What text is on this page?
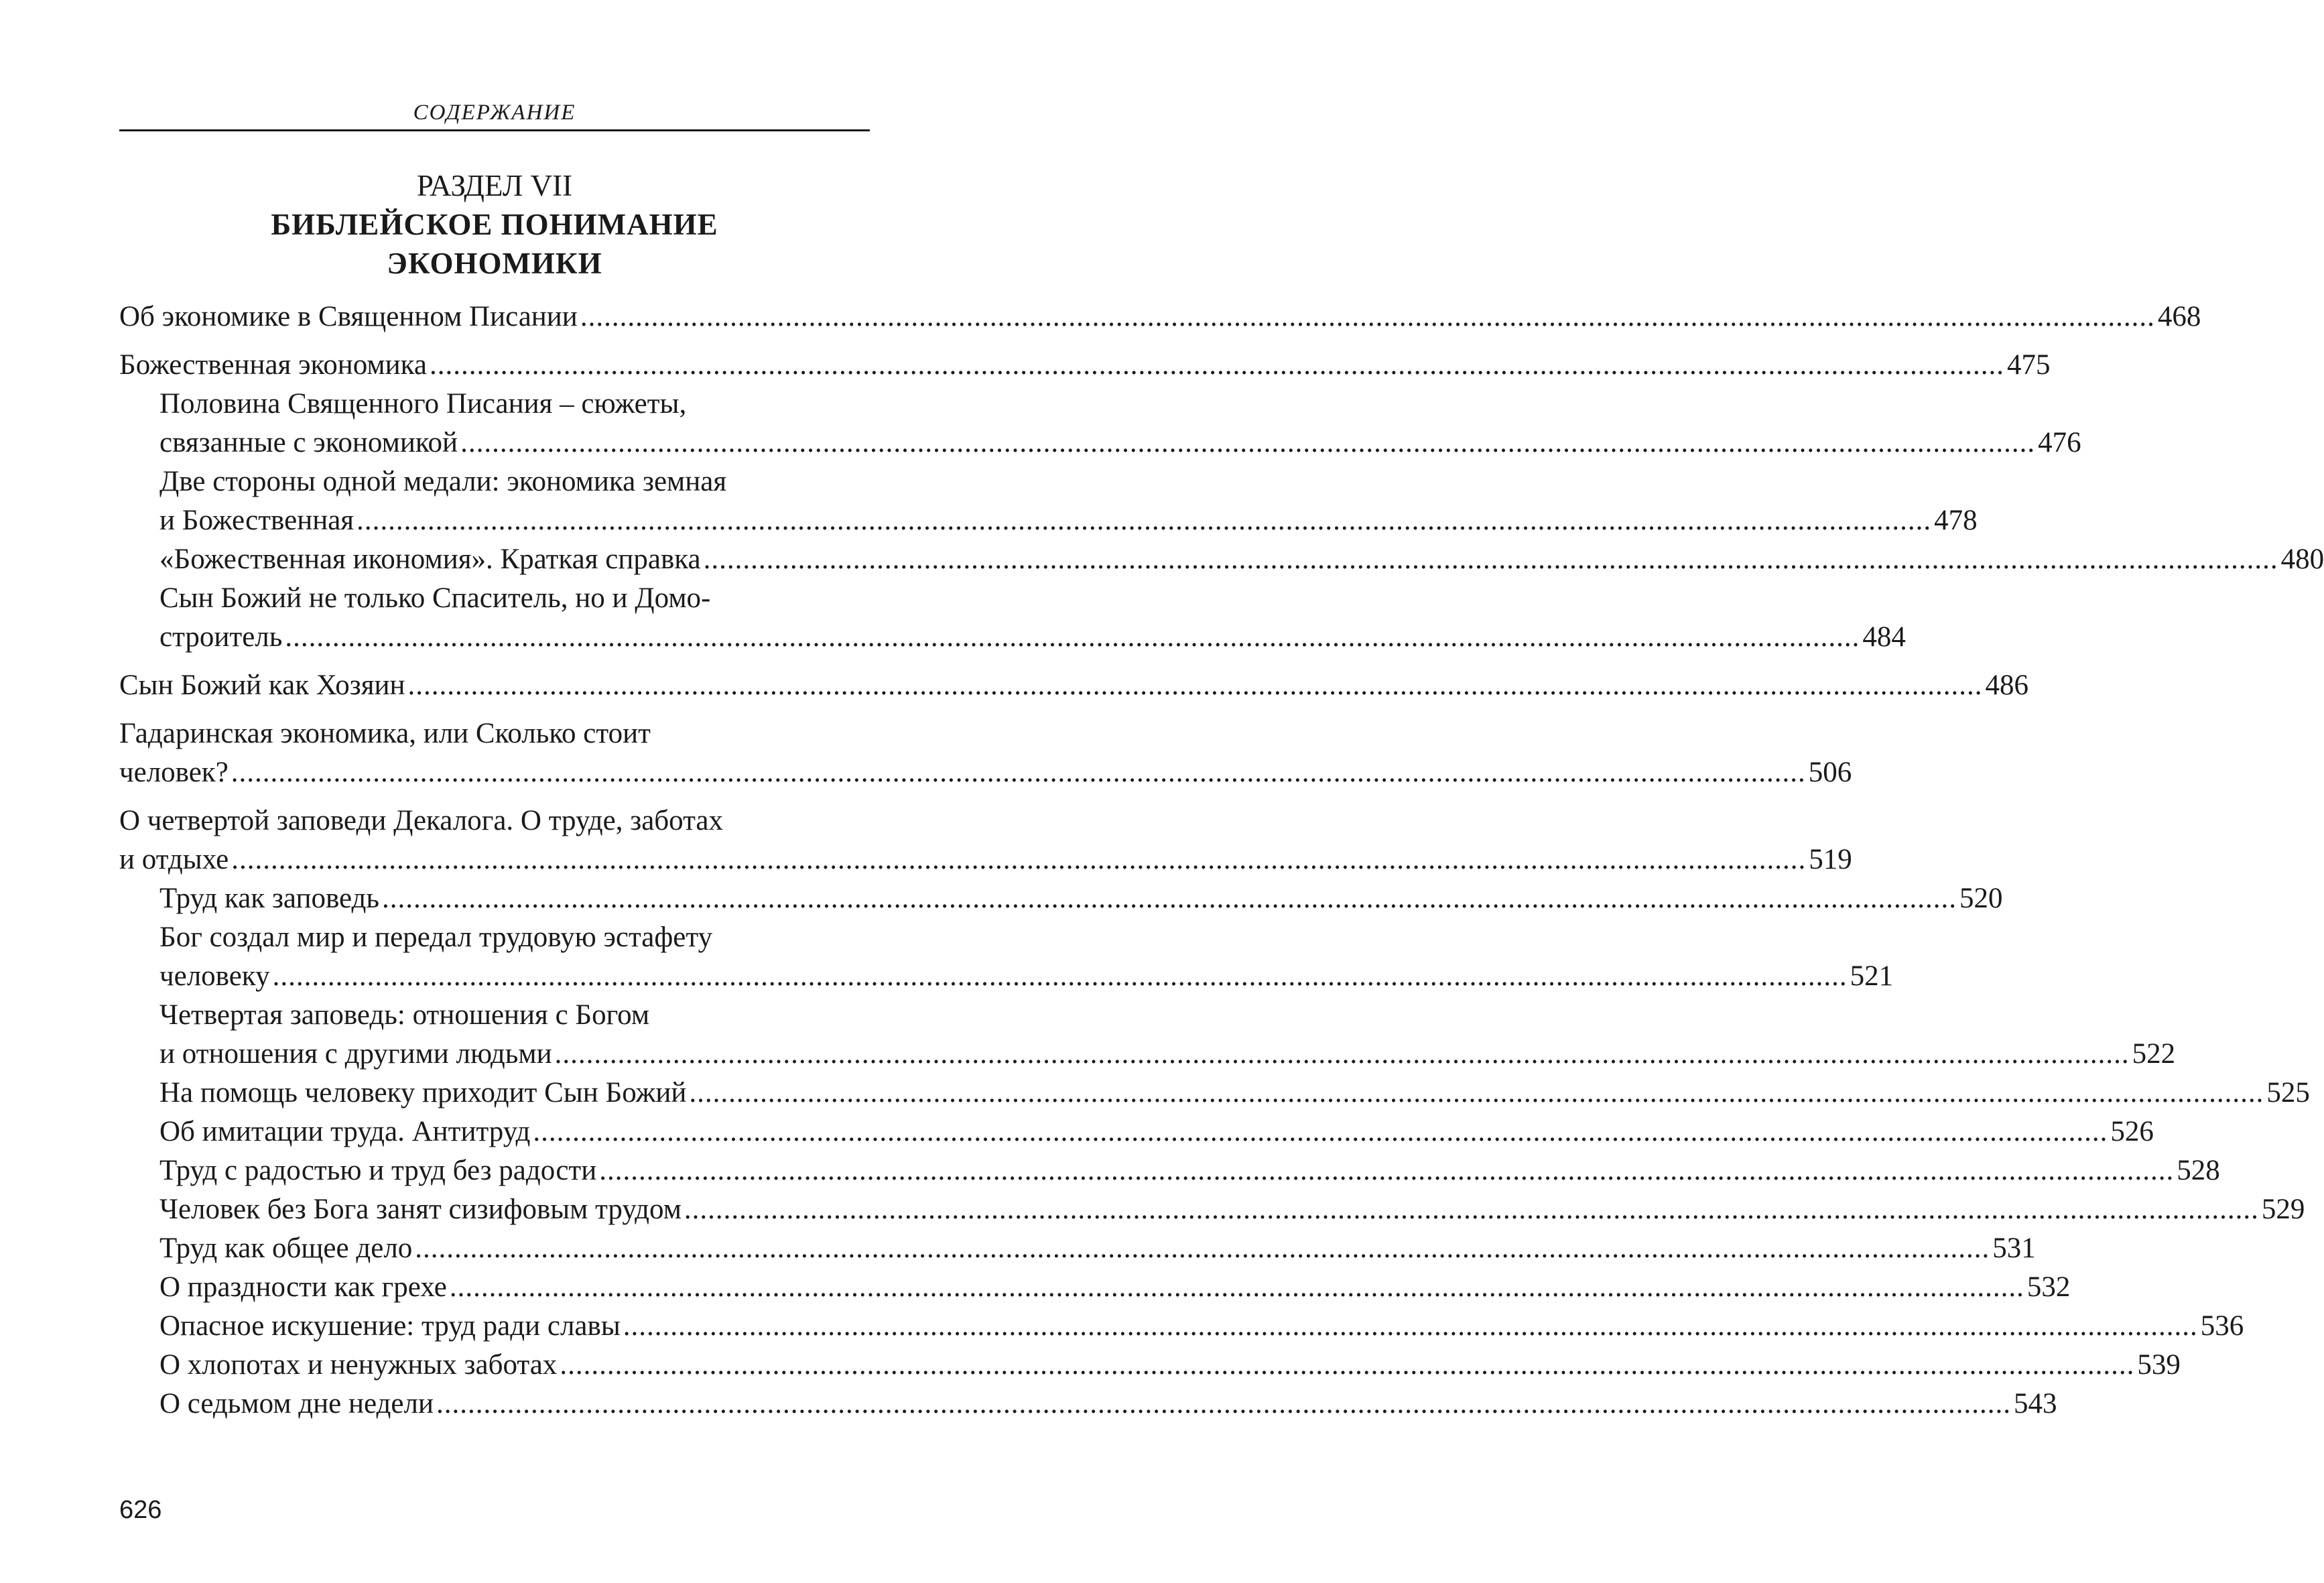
СОДЕРЖАНИЕ
РАЗДЕЛ VII
БИБЛЕЙСКОЕ ПОНИМАНИЕ
ЭКОНОМИКИ
Об экономике в Священном Писании ........................................................................................................................................................................................................ 468
Божественная экономика ........................................................................................................................................................................................................ 475
Половина Священного Писания – сюжеты,
связанные с экономикой ........................................................................................................................................................................................................ 476
Две стороны одной медали: экономика земная
и Божественная ........................................................................................................................................................................................................ 478
«Божественная икономия». Краткая справка ........................................................................................................................................................................................................ 480
Сын Божий не только Спаситель, но и Домо-
строитель ........................................................................................................................................................................................................ 484
Сын Божий как Хозяин ........................................................................................................................................................................................................ 486
Гадаринская экономика, или Сколько стоит
человек? ........................................................................................................................................................................................................ 506
О четвертой заповеди Декалога. О труде, заботах
и отдыхе ........................................................................................................................................................................................................ 519
Труд как заповедь ........................................................................................................................................................................................................ 520
Бог создал мир и передал трудовую эстафету
человеку ........................................................................................................................................................................................................ 521
Четвертая заповедь: отношения с Богом
и отношения с другими людьми ........................................................................................................................................................................................................ 522
На помощь человеку приходит Сын Божий ........................................................................................................................................................................................................ 525
Об имитации труда. Антитруд ........................................................................................................................................................................................................ 526
Труд с радостью и труд без радости ........................................................................................................................................................................................................ 528
Человек без Бога занят сизифовым трудом ........................................................................................................................................................................................................ 529
Труд как общее дело ........................................................................................................................................................................................................ 531
О праздности как грехе ........................................................................................................................................................................................................ 532
Опасное искушение: труд ради славы ........................................................................................................................................................................................................ 536
О хлопотах и ненужных заботах ........................................................................................................................................................................................................ 539
О седьмом дне недели ........................................................................................................................................................................................................ 543
626
